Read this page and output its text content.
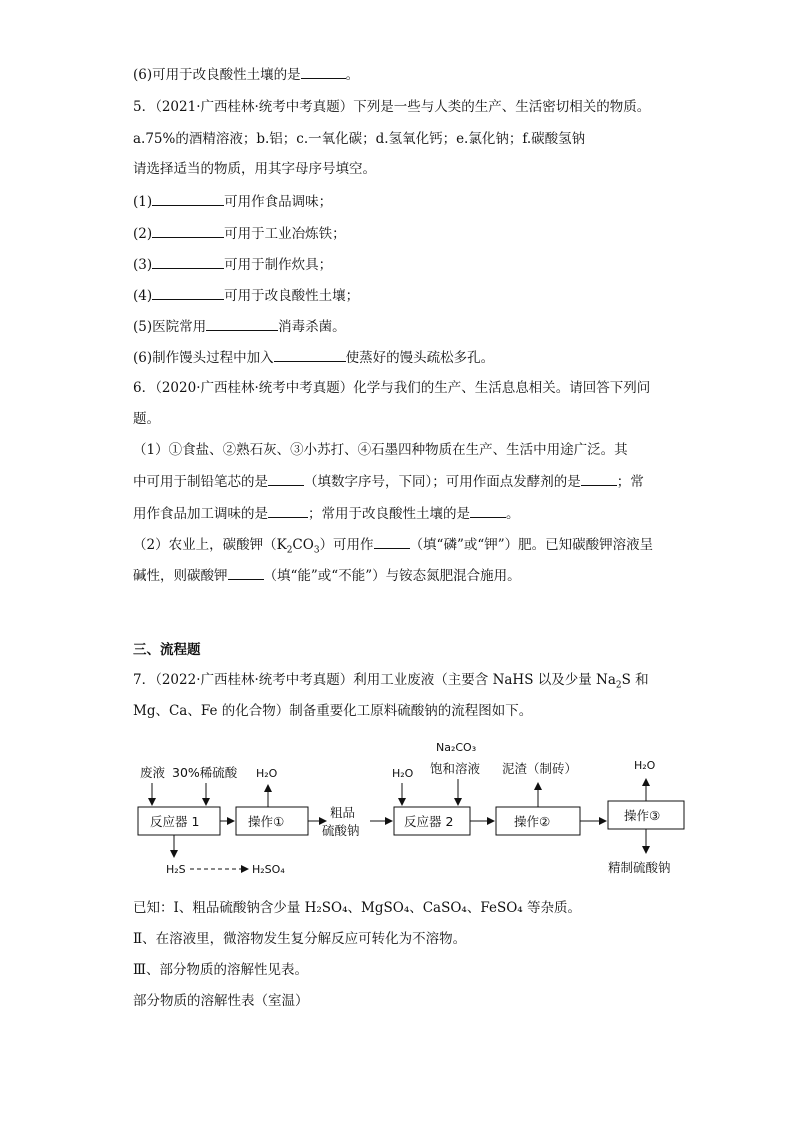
(6)可用于改良酸性土壤的是	。
5．（2021·广西桂林·统考中考真题）下列是一些与人类的生产、生活密切相关的物质。
a.75%的酒精溶液；b.铝；c.一氧化碳；d.氢氧化钙；e.氯化钠；f.碳酸氢钠
请选择适当的物质，用其字母序号填空。
(1)	可用作食品调味；
(2)	可用于工业冶炼铁；
(3)	可用于制作炊具；
(4)	可用于改良酸性土壤；
(5)医院常用	消毒杀菌。
(6)制作馒头过程中加入	使蒸好的馒头疏松多孔。
6．（2020·广西桂林·统考中考真题）化学与我们的生产、生活息息相关。请回答下列问
题。
（1）①食盐、②熟石灰、③小苏打、④石墨四种物质在生产、生活中用途广泛。其
中可用于制铅笔芯的是	（填数字序号，下同）；可用作面点发酵剂的是	；常
用作食品加工调味的是	；常用于改良酸性土壤的是	。
（2）农业上，碳酸钾$(K_2CO_3)$可用作	（填“磷”或“钾”）肥。已知碳酸钾溶液呈
碱性，则碳酸钾	（填“能”或“不能”）与铵态氮肥混合施用。
三、流程题
7．（2022·广西桂林·统考中考真题）利用工业废液（主要含 NaHS 以及少量 $Na_2S$ 和
Mg、Ca、Fe 的化合物）制备重要化工原料硫酸钠的流程图如下。
废液 30%稀硫酸
反应器 1
H₂S	H₂SO₄
操作①
H₂O
粗品
硫酸钠
H₂O
Na₂CO₃
饱和溶液
反应器 2	操作②
泥渣（制砖）
操作③
H₂O
精制硫酸钠
已知：Ⅰ、粗品硫酸钠含少量 H₂SO₄、MgSO₄、CaSO₄、FeSO₄ 等杂质。
Ⅱ、在溶液里，微溶物发生复分解反应可转化为不溶物。
Ⅲ、部分物质的溶解性见表。
部分物质的溶解性表（室温）
